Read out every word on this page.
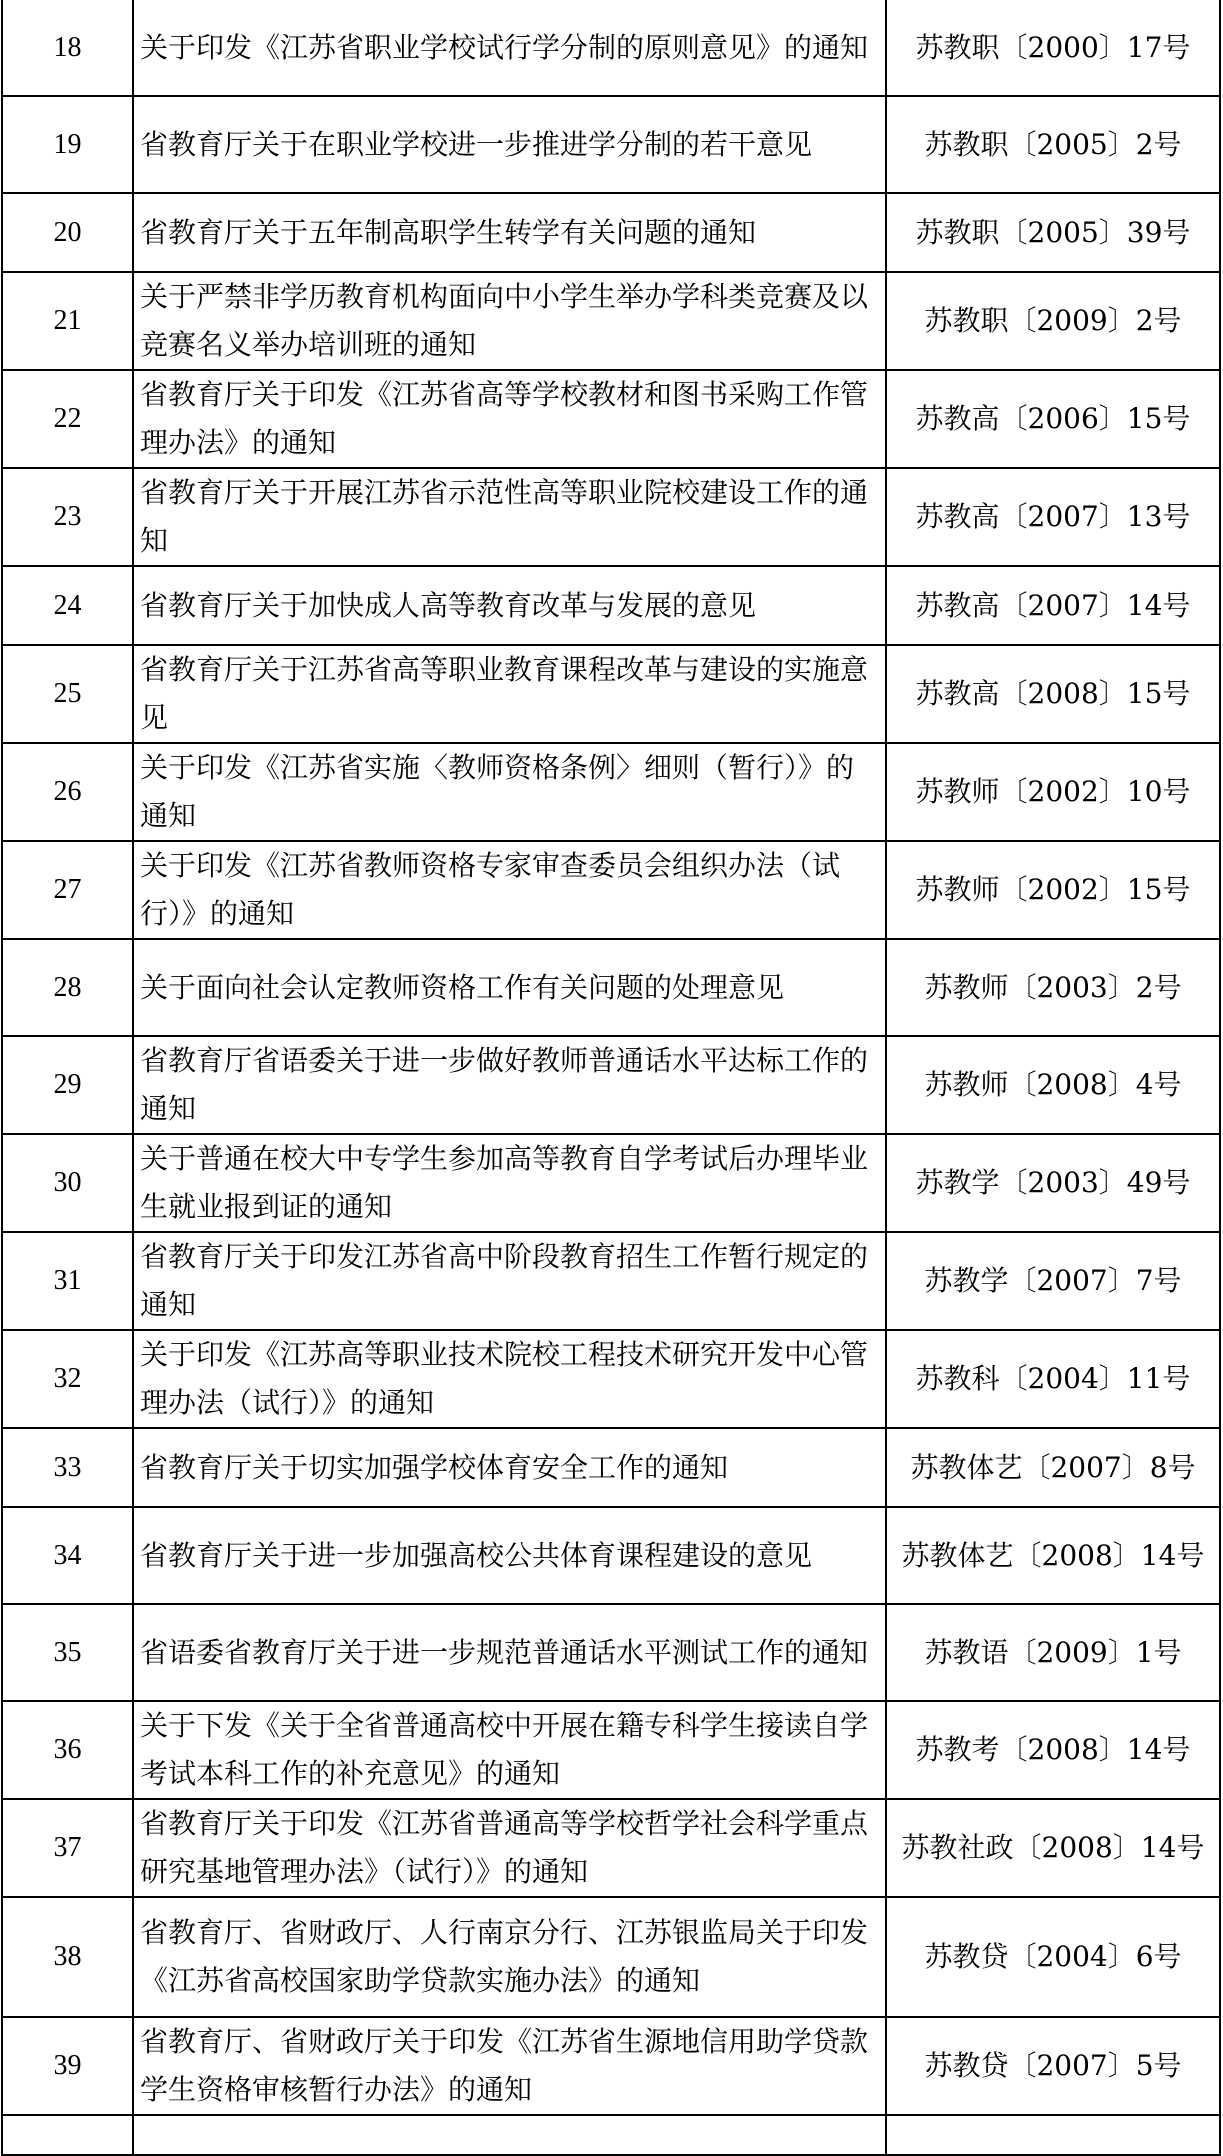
18	关于印发《江苏省职业学校试行学分制的原则意见》的通知	苏教职〔2000〕17号
19	省教育厅关于在职业学校进一步推进学分制的若干意见	苏教职〔2005〕2号
20	省教育厅关于五年制高职学生转学有关问题的通知	苏教职〔2005〕39号
21	关于严禁非学历教育机构面向中小学生举办学科类竞赛及以竞赛名义举办培训班的通知	苏教职〔2009〕2号
22	省教育厅关于印发《江苏省高等学校教材和图书采购工作管理办法》的通知	苏教高〔2006〕15号
23	省教育厅关于开展江苏省示范性高等职业院校建设工作的通知	苏教高〔2007〕13号
24	省教育厅关于加快成人高等教育改革与发展的意见	苏教高〔2007〕14号
25	省教育厅关于江苏省高等职业教育课程改革与建设的实施意见	苏教高〔2008〕15号
26	关于印发《江苏省实施〈教师资格条例〉细则（暂行）》的通知	苏教师〔2002〕10号
27	关于印发《江苏省教师资格专家审查委员会组织办法（试行）》的通知	苏教师〔2002〕15号
28	关于面向社会认定教师资格工作有关问题的处理意见	苏教师〔2003〕2号
29	省教育厅省语委关于进一步做好教师普通话水平达标工作的通知	苏教师〔2008〕4号
30	关于普通在校大中专学生参加高等教育自学考试后办理毕业生就业报到证的通知	苏教学〔2003〕49号
31	省教育厅关于印发江苏省高中阶段教育招生工作暂行规定的通知	苏教学〔2007〕7号
32	关于印发《江苏高等职业技术院校工程技术研究开发中心管理办法（试行）》的通知	苏教科〔2004〕11号
33	省教育厅关于切实加强学校体育安全工作的通知	苏教体艺〔2007〕8号
34	省教育厅关于进一步加强高校公共体育课程建设的意见	苏教体艺〔2008〕14号
35	省语委省教育厅关于进一步规范普通话水平测试工作的通知	苏教语〔2009〕1号
36	关于下发《关于全省普通高校中开展在籍专科学生接读自学考试本科工作的补充意见》的通知	苏教考〔2008〕14号
37	省教育厅关于印发《江苏省普通高等学校哲学社会科学重点研究基地管理办法》（试行）》的通知	苏教社政〔2008〕14号
38	省教育厅、省财政厅、人行南京分行、江苏银监局关于印发《江苏省高校国家助学贷款实施办法》的通知	苏教贷〔2004〕6号
39	省教育厅、省财政厅关于印发《江苏省生源地信用助学贷款学生资格审核暂行办法》的通知	苏教贷〔2007〕5号
